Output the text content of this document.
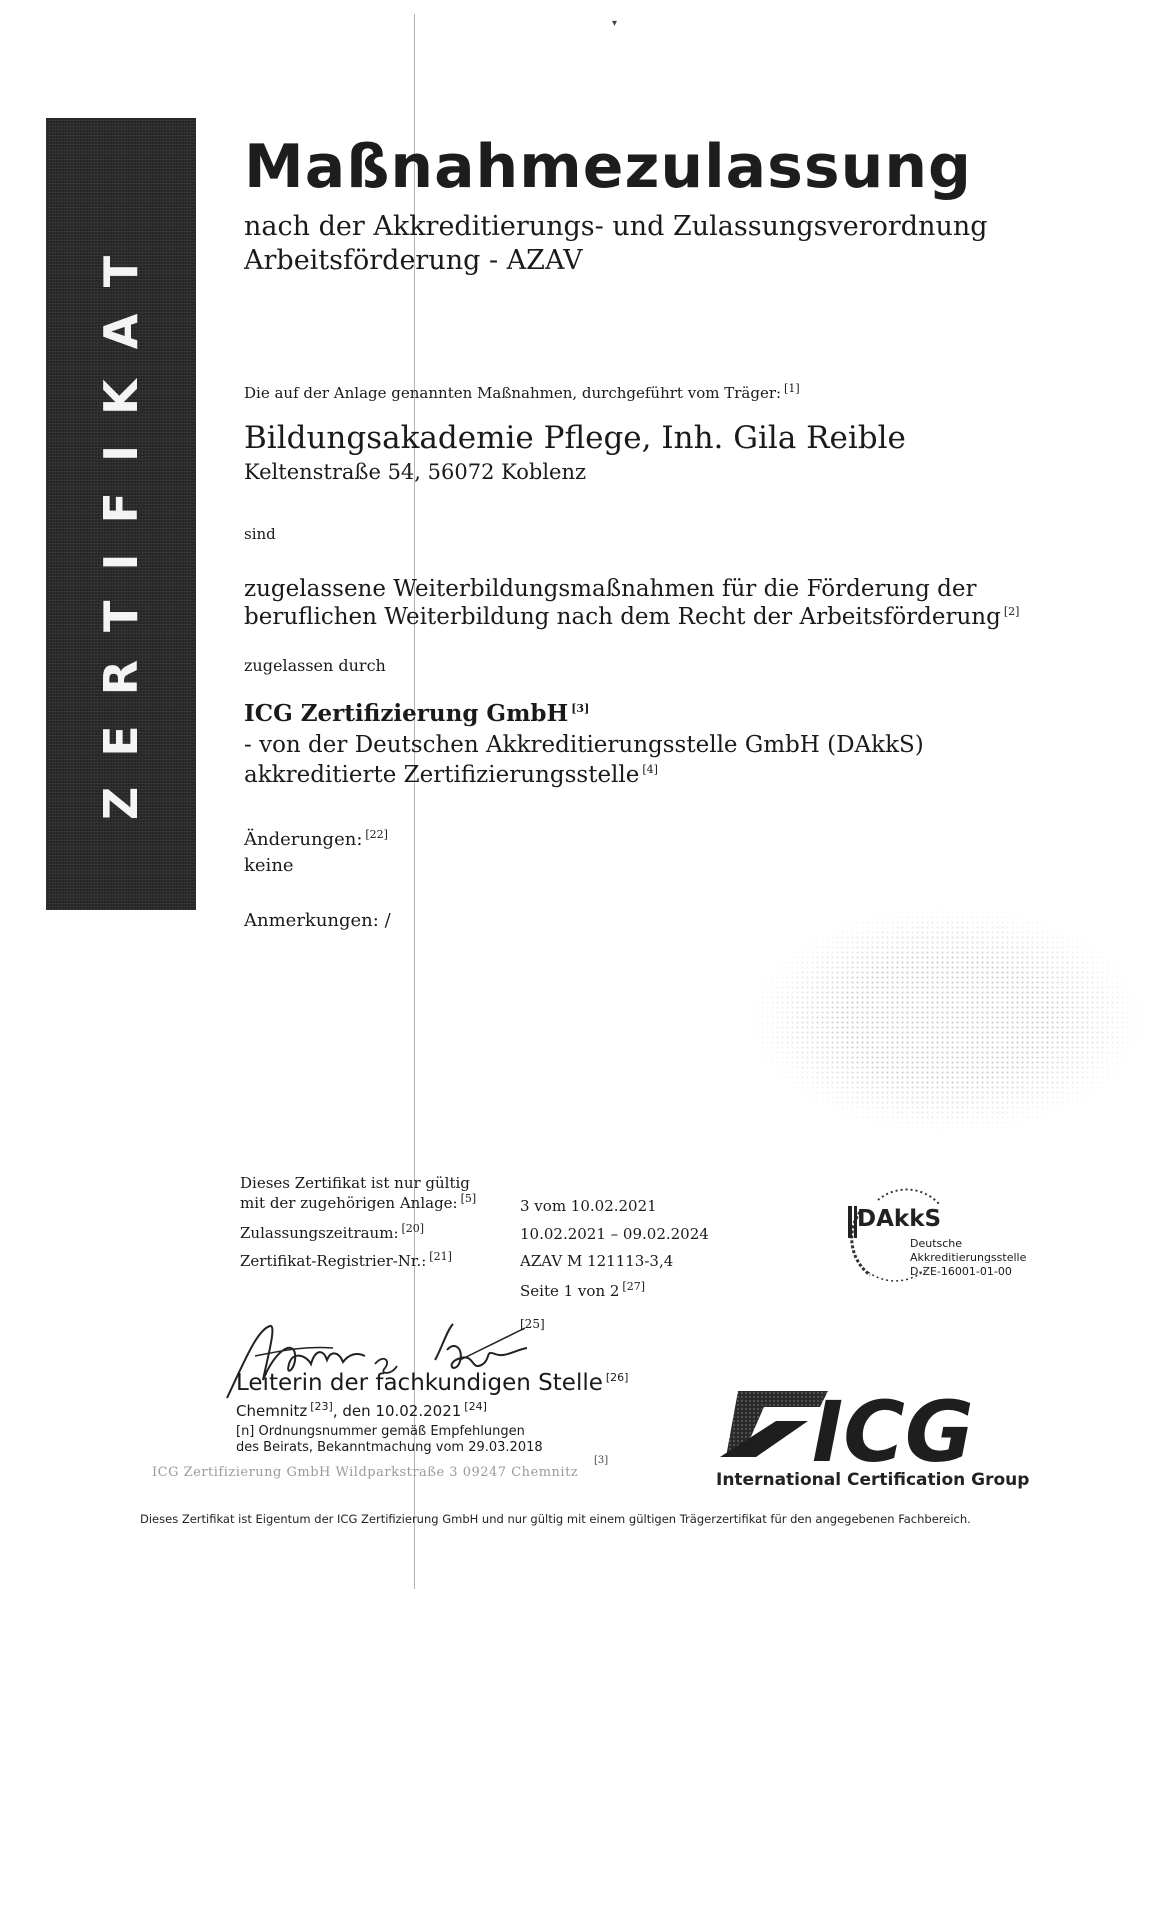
▾
ZERTIFIKAT
Maßnahmezulassung
nach der Akkreditierungs- und Zulassungsverordnung
Arbeitsförderung - AZAV
Die auf der Anlage genannten Maßnahmen, durchgeführt vom Träger: [1]
Bildungsakademie Pflege, Inh. Gila Reible
Keltenstraße 54, 56072 Koblenz
sind
zugelassene Weiterbildungsmaßnahmen für die Förderung der
beruflichen Weiterbildung nach dem Recht der Arbeitsförderung [2]
zugelassen durch
ICG Zertifizierung GmbH [3]
- von der Deutschen Akkreditierungsstelle GmbH (DAkkS)
akkreditierte Zertifizierungsstelle [4]
Änderungen: [22]
keine
Anmerkungen: /
Dieses Zertifikat ist nur gültig
mit der zugehörigen Anlage: [5]
Zulassungszeitraum: [20]
Zertifikat-Registrier-Nr.: [21]
3 vom 10.02.2021
10.02.2021 – 09.02.2024
AZAV M 121113-3,4
Seite 1 von 2 [27]
DAkkS
Deutsche
Akkreditierungsstelle
D-ZE-16001-01-00
[25]
Leiterin der fachkundigen Stelle [26]
Chemnitz [23], den 10.02.2021 [24]
[n] Ordnungsnummer gemäß Empfehlungen
des Beirats, Bekanntmachung vom 29.03.2018
[3]
ICG Zertifizierung GmbH Wildparkstraße 3 09247 Chemnitz	ICG
International Certification Group
Dieses Zertifikat ist Eigentum der ICG Zertifizierung GmbH und nur gültig mit einem gültigen Trägerzertifikat für den angegebenen Fachbereich.
